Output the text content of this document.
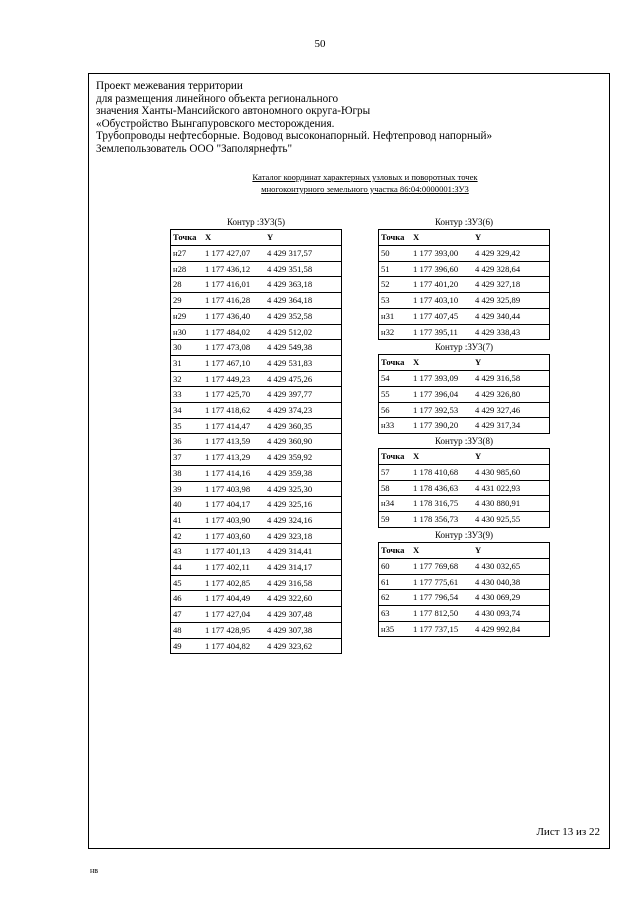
50
Проект межевания территории
для размещения линейного объекта регионального
значения Ханты-Мансийского автономного округа-Югры
«Обустройство Вынгапуровского месторождения.
Трубопроводы нефтесборные. Водовод высоконапорный. Нефтепровод напорный»
Землепользователь ООО "Заполярнефть"
Каталог координат характерных узловых и поворотных точек
многоконтурного земельного участка 86:04:0000001:ЗУ3
Контур :ЗУ3(5)
Точка	X	Y
н27	1 177 427,07	4 429 317,57
н28	1 177 436,12	4 429 351,58
28	1 177 416,01	4 429 363,18
29	1 177 416,28	4 429 364,18
н29	1 177 436,40	4 429 352,58
н30	1 177 484,02	4 429 512,02
30	1 177 473,08	4 429 549,38
31	1 177 467,10	4 429 531,83
32	1 177 449,23	4 429 475,26
33	1 177 425,70	4 429 397,77
34	1 177 418,62	4 429 374,23
35	1 177 414,47	4 429 360,35
36	1 177 413,59	4 429 360,90
37	1 177 413,29	4 429 359,92
38	1 177 414,16	4 429 359,38
39	1 177 403,98	4 429 325,30
40	1 177 404,17	4 429 325,16
41	1 177 403,90	4 429 324,16
42	1 177 403,60	4 429 323,18
43	1 177 401,13	4 429 314,41
44	1 177 402,11	4 429 314,17
45	1 177 402,85	4 429 316,58
46	1 177 404,49	4 429 322,60
47	1 177 427,04	4 429 307,48
48	1 177 428,95	4 429 307,38
49	1 177 404,82	4 429 323,62
Контур :ЗУ3(6)
Точка	X	Y
50	1 177 393,00	4 429 329,42
51	1 177 396,60	4 429 328,64
52	1 177 401,20	4 429 327,18
53	1 177 403,10	4 429 325,89
н31	1 177 407,45	4 429 340,44
н32	1 177 395,11	4 429 338,43
Контур :ЗУ3(7)
Точка	X	Y
54	1 177 393,09	4 429 316,58
55	1 177 396,04	4 429 326,80
56	1 177 392,53	4 429 327,46
н33	1 177 390,20	4 429 317,34
Контур :ЗУ3(8)
Точка	X	Y
57	1 178 410,68	4 430 985,60
58	1 178 436,63	4 431 022,93
н34	1 178 316,75	4 430 880,91
59	1 178 356,73	4 430 925,55
Контур :ЗУ3(9)
Точка	X	Y
60	1 177 769,68	4 430 032,65
61	1 177 775,61	4 430 040,38
62	1 177 796,54	4 430 069,29
63	1 177 812,50	4 430 093,74
н35	1 177 737,15	4 429 992,84
Лист 13 из 22
нв
